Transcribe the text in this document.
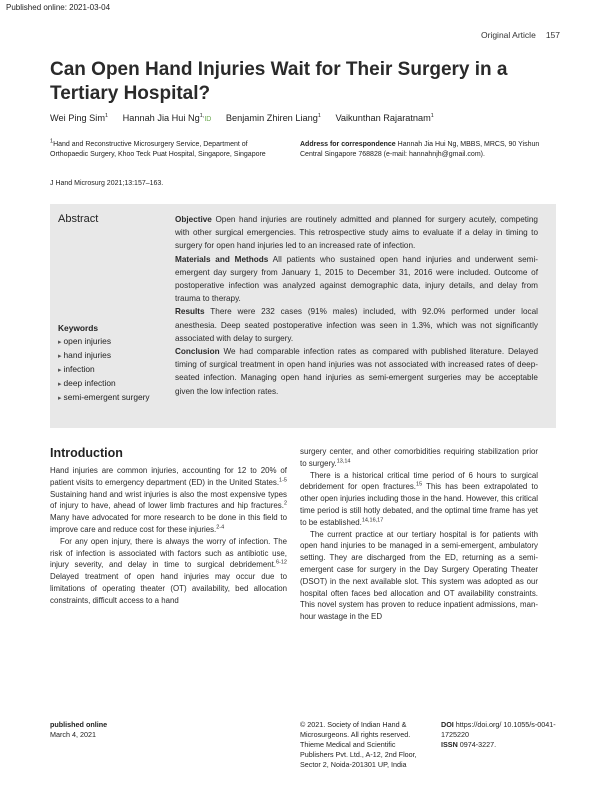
Published online: 2021-03-04
Original Article 157
Can Open Hand Injuries Wait for Their Surgery in a Tertiary Hospital?
Wei Ping Sim$^1$ Hannah Jia Hui $Ng^{1,}ID$ Benjamin Zhiren Liang$^1$ Vaikunthan Rajaratnam$^1$
$^1$Hand and Reconstructive Microsurgery Service, Department of Orthopaedic Surgery, Khoo Teck Puat Hospital, Singapore, Singapore
Address for correspondence Hannah Jia Hui Ng, MBBS, MRCS, 90 Yishun Central Singapore 768828 (e-mail: hannahnjh@gmail.com).
J Hand Microsurg 2021;13:157–163.
Abstract	Objective Open hand injuries are routinely admitted and planned for surgery acutely, competing with other surgical emergencies. This retrospective study aims to evaluate if a delay in timing to surgery for open hand injuries led to an increased rate of infection.

Materials and Methods All patients who sustained open hand injuries and underwent semi-emergent day surgery from January 1, 2015 to December 31, 2016 were included. Outcome of postoperative infection was analyzed against demographic data, injury details, and delay from trauma to therapy.

Results There were 232 cases (91% males) included, with 92.0% performed under local anesthesia. Deep seated postoperative infection was seen in 1.3%, which was not significantly associated with delay to surgery.

Conclusion We had comparable infection rates as compared with published literature. Delayed timing of surgical treatment in open hand injuries was not associated with increased rates of deep-seated infection. Managing open hand injuries as semi-emergent surgeries may be acceptable given the low infection rates.

Keywords
▸ open injuries
▸ hand injuries
▸ infection
▸ deep infection
▸ semi-emergent surgery
Introduction

Hand injuries are common injuries, accounting for 12 to 20% of patient visits to emergency department (ED) in the United States.$^{1-5}$ Sustaining hand and wrist injuries is also the most expensive types of injury to have, ahead of lower limb fractures and hip fractures.$^2$ Many have advocated for more research to be done in this field to improve care and reduce cost for these injuries.$^{2-4}$

For any open injury, there is always the worry of infection. The risk of infection is associated with factors such as antibiotic use, injury severity, and delay in time to surgical debridement.$^{6-12}$ Delayed treatment of open hand injuries may occur due to limitations of operating theater (OT) availability, bed allocation constraints, difficult access to a hand

surgery center, and other comorbidities requiring stabilization prior to surgery.$^{13,14}$

There is a historical critical time period of 6 hours to surgical debridement for open fractures.$^{15}$ This has been extrapolated to other open injuries including those in the hand. However, this critical time period is still hotly debated, and the optimal time frame has yet to be established.$^{14,16,17}$

The current practice at our tertiary hospital is for patients with open hand injuries to be managed in a semi-emergent, ambulatory setting. They are discharged from the ED, returning as a semi-emergent case for surgery in the Day Surgery Operating Theater (DSOT) in the next available slot. This system was adopted as our hospital often faces bed allocation and OT availability constraints. This novel system has proven to reduce inpatient admissions, man-hour wastage in the ED

published online
March 4, 2021
© 2021. Society of Indian Hand & Microsurgeons. All rights reserved. Thieme Medical and Scientific Publishers Pvt. Ltd., A-12, 2nd Floor, Sector 2, Noida-201301 UP, India
DOI https://doi.org/ 10.1055/s-0041-1725220
ISSN 0974-3227.
